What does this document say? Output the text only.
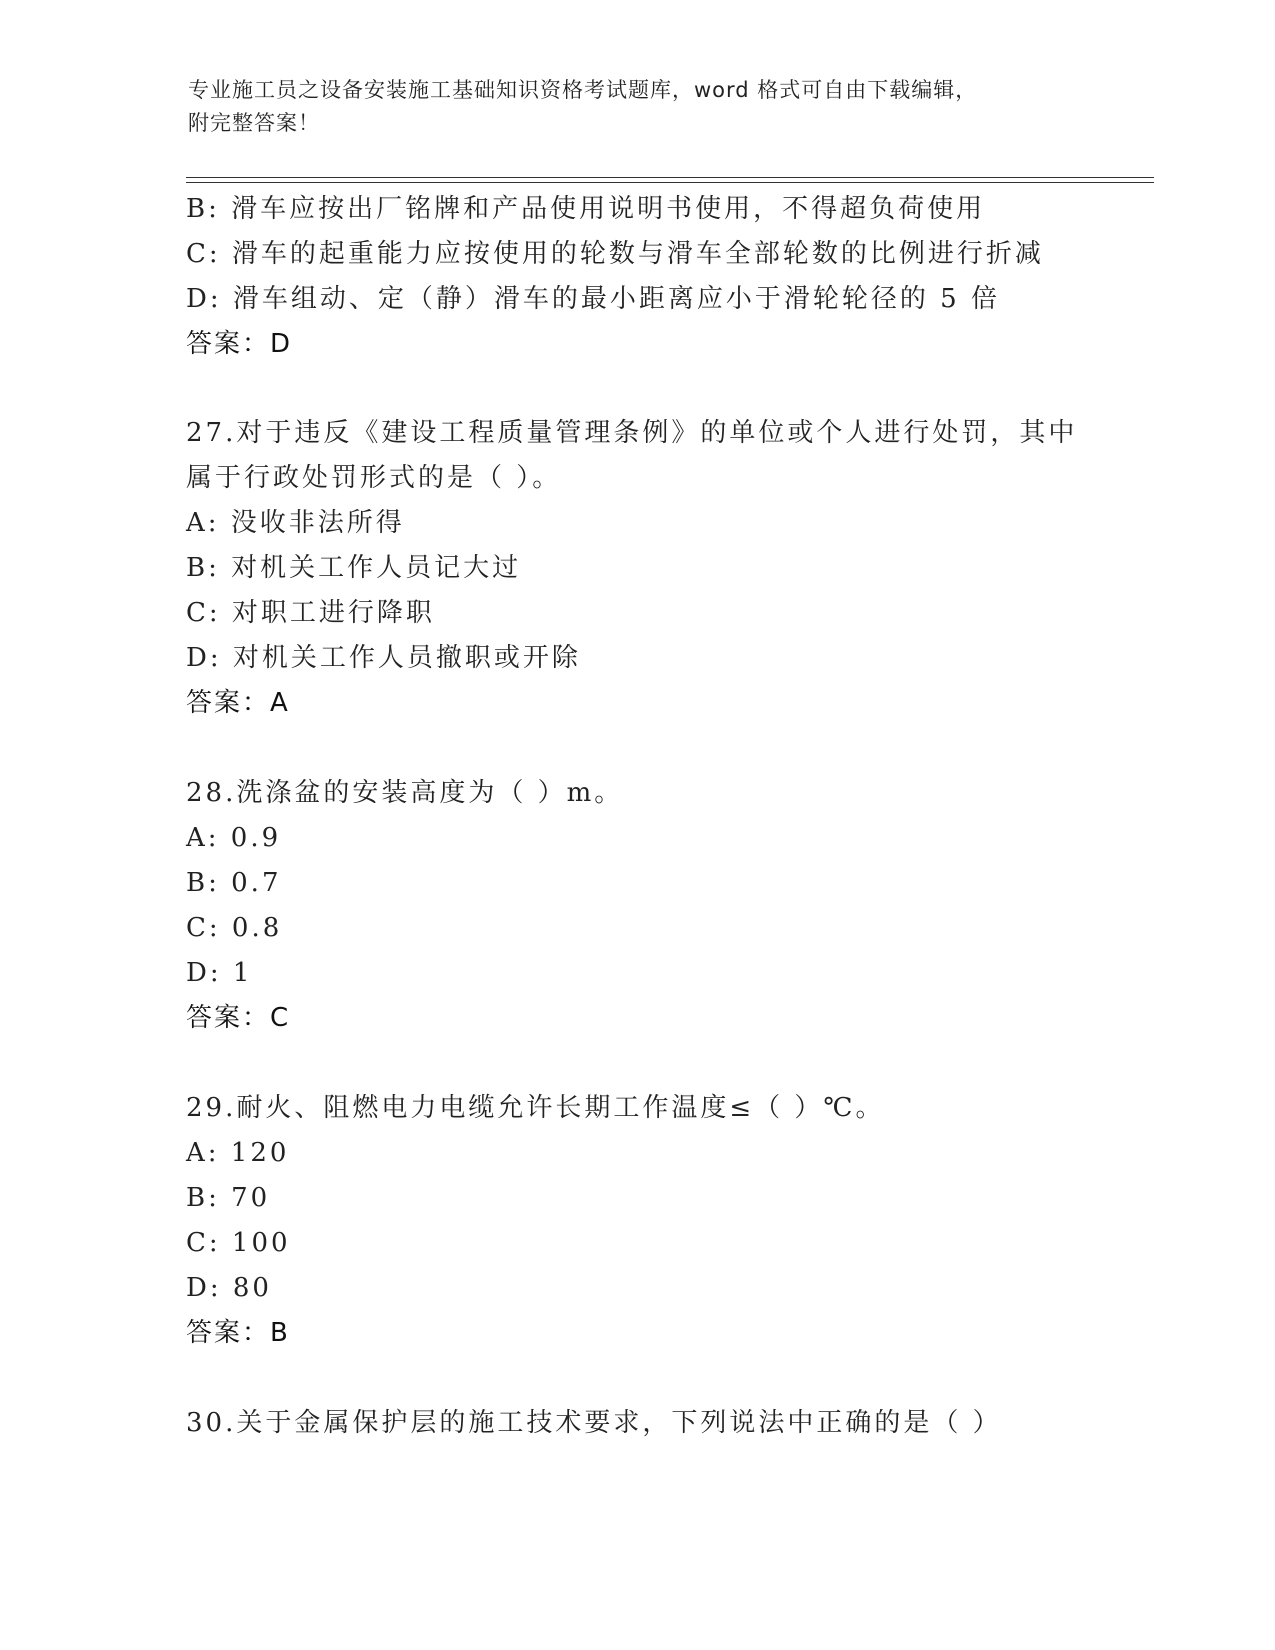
专业施工员之设备安装施工基础知识资格考试题库，word 格式可自由下载编辑，
附完整答案！
B: 滑车应按出厂铭牌和产品使用说明书使用，不得超负荷使用
C: 滑车的起重能力应按使用的轮数与滑车全部轮数的比例进行折减
D: 滑车组动、定（静）滑车的最小距离应小于滑轮轮径的 5 倍
答案：D
27.对于违反《建设工程质量管理条例》的单位或个人进行处罚，其中
属于行政处罚形式的是（ ）。
A: 没收非法所得
B: 对机关工作人员记大过
C: 对职工进行降职
D: 对机关工作人员撤职或开除
答案：A
28.洗涤盆的安装高度为（ ）m。
A: 0.9
B: 0.7
C: 0.8
D: 1
答案：C
29.耐火、阻燃电力电缆允许长期工作温度≤（ ）℃。
A: 120
B: 70
C: 100
D: 80
答案：B
30.关于金属保护层的施工技术要求，下列说法中正确的是（ ）
